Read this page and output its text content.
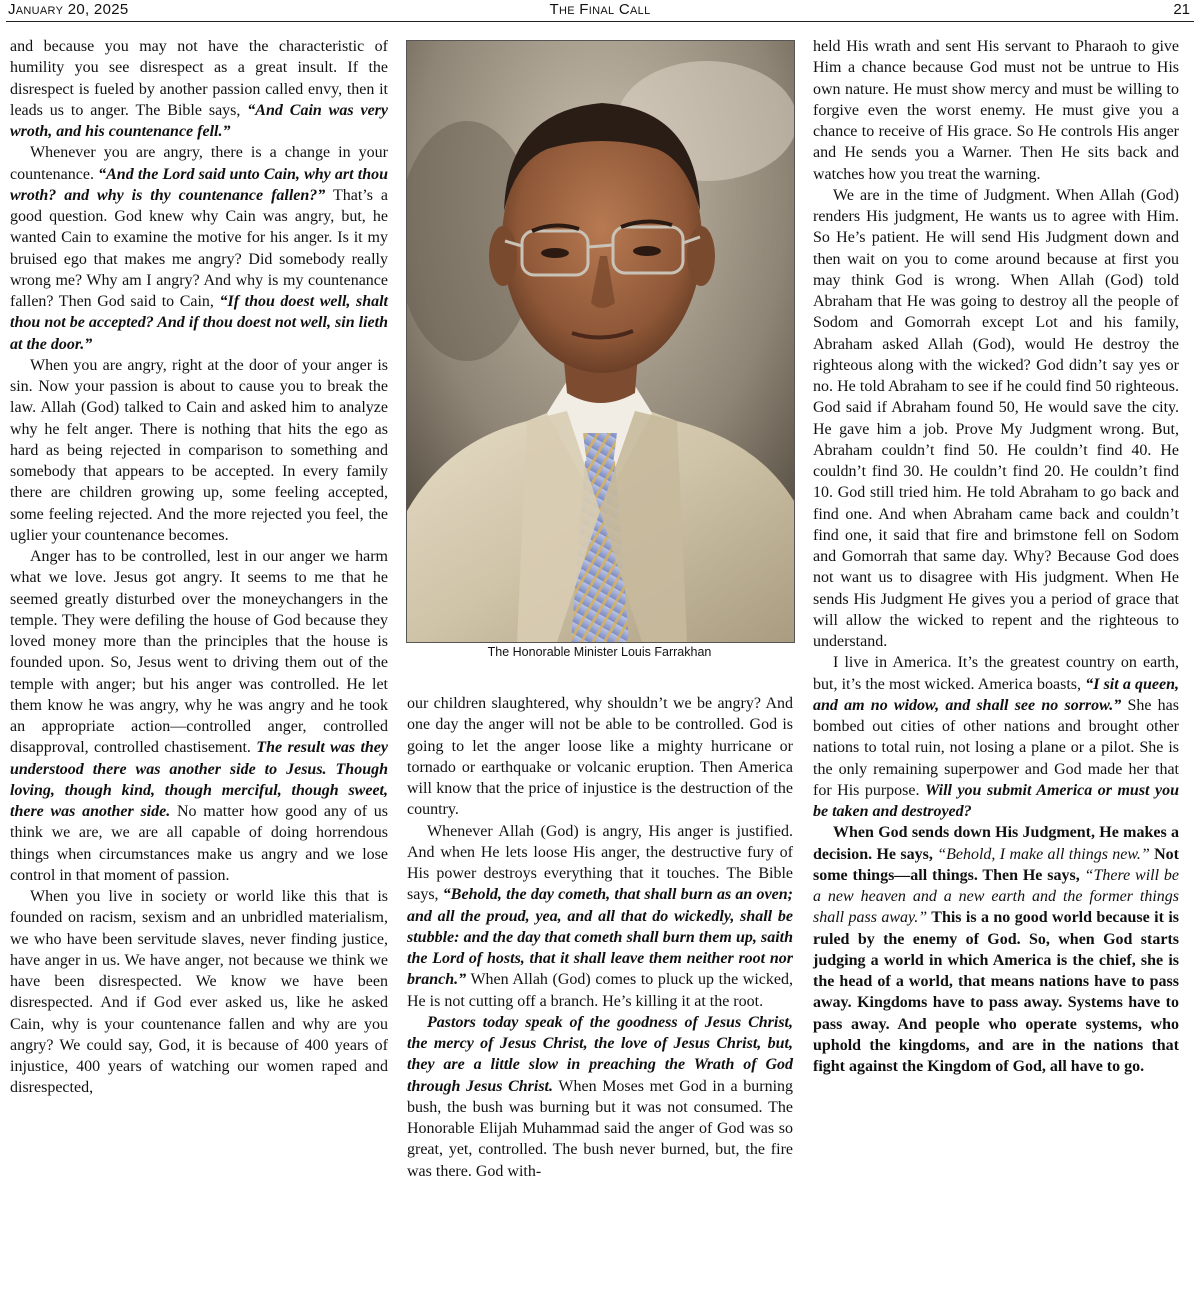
January 20, 2025	The Final Call	21

and because you may not have the characteristic of humility you see disrespect as a great insult. If the disrespect is fueled by another passion called envy, then it leads us to anger. The Bible says, “And Cain was very wroth, and his countenance fell.”

Whenever you are angry, there is a change in your countenance. “And the Lord said unto Cain, why art thou wroth? and why is thy countenance fallen?” That’s a good question. God knew why Cain was angry, but, he wanted Cain to examine the motive for his anger. Is it my bruised ego that makes me angry? Did somebody really wrong me? Why am I angry? And why is my countenance fallen? Then God said to Cain, “If thou doest well, shalt thou not be accepted? And if thou doest not well, sin lieth at the door.”

When you are angry, right at the door of your anger is sin. Now your passion is about to cause you to break the law. Allah (God) talked to Cain and asked him to analyze why he felt anger. There is nothing that hits the ego as hard as being rejected in comparison to something and somebody that appears to be accepted. In every family there are children growing up, some feeling accepted, some feeling rejected. And the more rejected you feel, the uglier your countenance becomes.

Anger has to be controlled, lest in our anger we harm what we love. Jesus got angry. It seems to me that he seemed greatly disturbed over the moneychangers in the temple. They were defiling the house of God because they loved money more than the principles that the house is founded upon. So, Jesus went to driving them out of the temple with anger; but his anger was controlled. He let them know he was angry, why he was angry and he took an appropriate action—controlled anger, controlled disapproval, controlled chastisement. The result was they understood there was another side to Jesus. Though loving, though kind, though merciful, though sweet, there was another side. No matter how good any of us think we are, we are all capable of doing horrendous things when circumstances make us angry and we lose control in that moment of passion.

When you live in society or world like this that is founded on racism, sexism and an unbridled materialism, we who have been servitude slaves, never finding justice, have anger in us. We have anger, not because we think we have been disrespected. We know we have been disrespected. And if God ever asked us, like he asked Cain, why is your countenance fallen and why are you angry? We could say, God, it is because of 400 years of injustice, 400 years of watching our women raped and disrespected,

The Honorable Minister Louis Farrakhan

our children slaughtered, why shouldn’t we be angry? And one day the anger will not be able to be controlled. God is going to let the anger loose like a mighty hurricane or tornado or earthquake or volcanic eruption. Then America will know that the price of injustice is the destruction of the country.

Whenever Allah (God) is angry, His anger is justified. And when He lets loose His anger, the destructive fury of His power destroys everything that it touches. The Bible says, “Behold, the day cometh, that shall burn as an oven; and all the proud, yea, and all that do wickedly, shall be stubble: and the day that cometh shall burn them up, saith the Lord of hosts, that it shall leave them neither root nor branch.” When Allah (God) comes to pluck up the wicked, He is not cutting off a branch. He’s killing it at the root.

Pastors today speak of the goodness of Jesus Christ, the mercy of Jesus Christ, the love of Jesus Christ, but, they are a little slow in preaching the Wrath of God through Jesus Christ. When Moses met God in a burning bush, the bush was burning but it was not consumed. The Honorable Elijah Muhammad said the anger of God was so great, yet, controlled. The bush never burned, but, the fire was there. God with-

held His wrath and sent His servant to Pharaoh to give Him a chance because God must not be untrue to His own nature. He must show mercy and must be willing to forgive even the worst enemy. He must give you a chance to receive of His grace. So He controls His anger and He sends you a Warner. Then He sits back and watches how you treat the warning.

We are in the time of Judgment. When Allah (God) renders His judgment, He wants us to agree with Him. So He’s patient. He will send His Judgment down and then wait on you to come around because at first you may think God is wrong. When Allah (God) told Abraham that He was going to destroy all the people of Sodom and Gomorrah except Lot and his family, Abraham asked Allah (God), would He destroy the righteous along with the wicked? God didn’t say yes or no. He told Abraham to see if he could find 50 righteous. God said if Abraham found 50, He would save the city. He gave him a job. Prove My Judgment wrong. But, Abraham couldn’t find 50. He couldn’t find 40. He couldn’t find 30. He couldn’t find 20. He couldn’t find 10. God still tried him. He told Abraham to go back and find one. And when Abraham came back and couldn’t find one, it said that fire and brimstone fell on Sodom and Gomorrah that same day. Why? Because God does not want us to disagree with His judgment. When He sends His Judgment He gives you a period of grace that will allow the wicked to repent and the righteous to understand.

I live in America. It’s the greatest country on earth, but, it’s the most wicked. America boasts, “I sit a queen, and am no widow, and shall see no sorrow.” She has bombed out cities of other nations and brought other nations to total ruin, not losing a plane or a pilot. She is the only remaining superpower and God made her that for His purpose. Will you submit America or must you be taken and destroyed?

When God sends down His Judgment, He makes a decision. He says, “Behold, I make all things new.” Not some things—all things. Then He says, “There will be a new heaven and a new earth and the former things shall pass away.” This is a no good world because it is ruled by the enemy of God. So, when God starts judging a world in which America is the chief, she is the head of a world, that means nations have to pass away. Kingdoms have to pass away. Systems have to pass away. And people who operate systems, who uphold the kingdoms, and are in the nations that fight against the Kingdom of God, all have to go.
